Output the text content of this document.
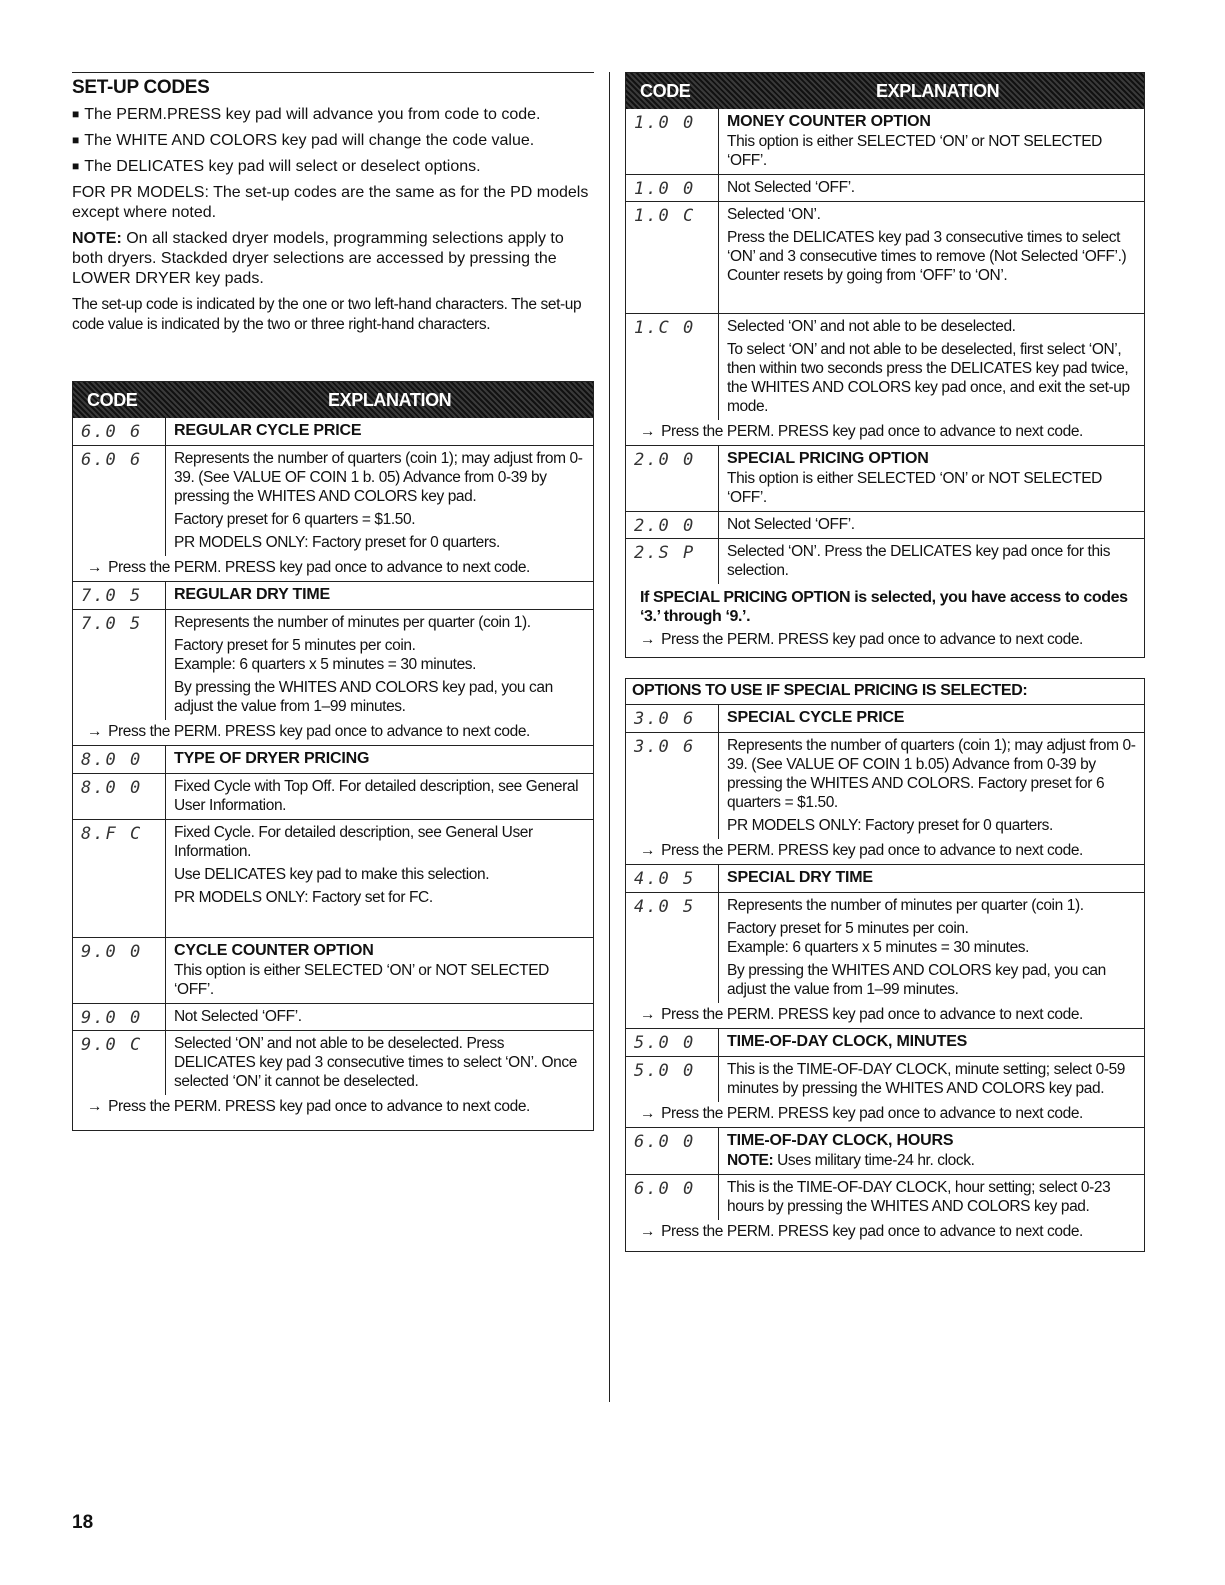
SET-UP CODES

■ The PERM.PRESS key pad will advance you from code to code.

■ The WHITE AND COLORS key pad will change the code value.

■ The DELICATES key pad will select or deselect options.

FOR PR MODELS: The set-up codes are the same as for the PD models except where noted.

NOTE: On all stacked dryer models, programming selections apply to both dryers. Stackded dryer selections are accessed by pressing the LOWER DRYER key pads.

The set-up code is indicated by the one or two left-hand characters. The set-up code value is indicated by the two or three right-hand characters.

CODE	EXPLANATION
6.0 6	REGULAR CYCLE PRICE
6.0 6	Represents the number of quarters (coin 1); may adjust from 0-39. (See VALUE OF COIN 1 b. 05) Advance from 0-39 by pressing the WHITES AND COLORS key pad.

Factory preset for 6 quarters = $1.50.

PR MODELS ONLY: Factory preset for 0 quarters.

→ Press the PERM. PRESS key pad once to advance to next code.
7.0 5	REGULAR DRY TIME
7.0 5	Represents the number of minutes per quarter (coin 1).

Factory preset for 5 minutes per coin.

Example: 6 quarters x 5 minutes = 30 minutes.

By pressing the WHITES AND COLORS key pad, you can adjust the value from 1–99 minutes.

→ Press the PERM. PRESS key pad once to advance to next code.
8.0 0	TYPE OF DRYER PRICING
8.0 0	Fixed Cycle with Top Off. For detailed description, see General User Information.

8.F C	Fixed Cycle. For detailed description, see General User Information.

Use DELICATES key pad to make this selection.

PR MODELS ONLY: Factory set for FC.

9.0 0	CYCLE COUNTER OPTION
This option is either SELECTED ‘ON’ or NOT SELECTED ‘OFF’.
9.0 0	Not Selected ‘OFF’.

9.0 C	Selected ‘ON’ and not able to be deselected. Press DELICATES key pad 3 consecutive times to select ‘ON’. Once selected ‘ON’ it cannot be deselected.

→ Press the PERM. PRESS key pad once to advance to next code.
CODE	EXPLANATION
1.0 0	MONEY COUNTER OPTION
This option is either SELECTED ‘ON’ or NOT SELECTED ‘OFF’.
1.0 0	Not Selected ‘OFF’.

1.0 C	Selected ‘ON’.

Press the DELICATES key pad 3 consecutive times to select ‘ON’ and 3 consecutive times to remove (Not Selected ‘OFF’.) Counter resets by going from ‘OFF’ to ‘ON’.

1.C 0	Selected ‘ON’ and not able to be deselected.

To select ‘ON’ and not able to be deselected, first select ‘ON’, then within two seconds press the DELICATES key pad twice, the WHITES AND COLORS key pad once, and exit the set-up mode.

→ Press the PERM. PRESS key pad once to advance to next code.
2.0 0	SPECIAL PRICING OPTION
This option is either SELECTED ‘ON’ or NOT SELECTED ‘OFF’.
2.0 0	Not Selected ‘OFF’.

2.S P	Selected ‘ON’. Press the DELICATES key pad once for this selection.

If SPECIAL PRICING OPTION is selected, you have access to codes ‘3.’ through ‘9.’.
→ Press the PERM. PRESS key pad once to advance to next code.
OPTIONS TO USE IF SPECIAL PRICING IS SELECTED:
3.0 6	SPECIAL CYCLE PRICE
3.0 6	Represents the number of quarters (coin 1); may adjust from 0-39. (See VALUE OF COIN 1 b.05) Advance from 0-39 by pressing the WHITES AND COLORS. Factory preset for 6 quarters = $1.50.

PR MODELS ONLY: Factory preset for 0 quarters.

→ Press the PERM. PRESS key pad once to advance to next code.
4.0 5	SPECIAL DRY TIME
4.0 5	Represents the number of minutes per quarter (coin 1).

Factory preset for 5 minutes per coin.

Example: 6 quarters x 5 minutes = 30 minutes.

By pressing the WHITES AND COLORS key pad, you can adjust the value from 1–99 minutes.

→ Press the PERM. PRESS key pad once to advance to next code.
5.0 0	TIME-OF-DAY CLOCK, MINUTES
5.0 0	This is the TIME-OF-DAY CLOCK, minute setting; select 0-59 minutes by pressing the WHITES AND COLORS key pad.

→ Press the PERM. PRESS key pad once to advance to next code.
6.0 0	TIME-OF-DAY CLOCK, HOURS
NOTE: Uses military time-24 hr. clock.
6.0 0	This is the TIME-OF-DAY CLOCK, hour setting; select 0-23 hours by pressing the WHITES AND COLORS key pad.

→ Press the PERM. PRESS key pad once to advance to next code.
18
